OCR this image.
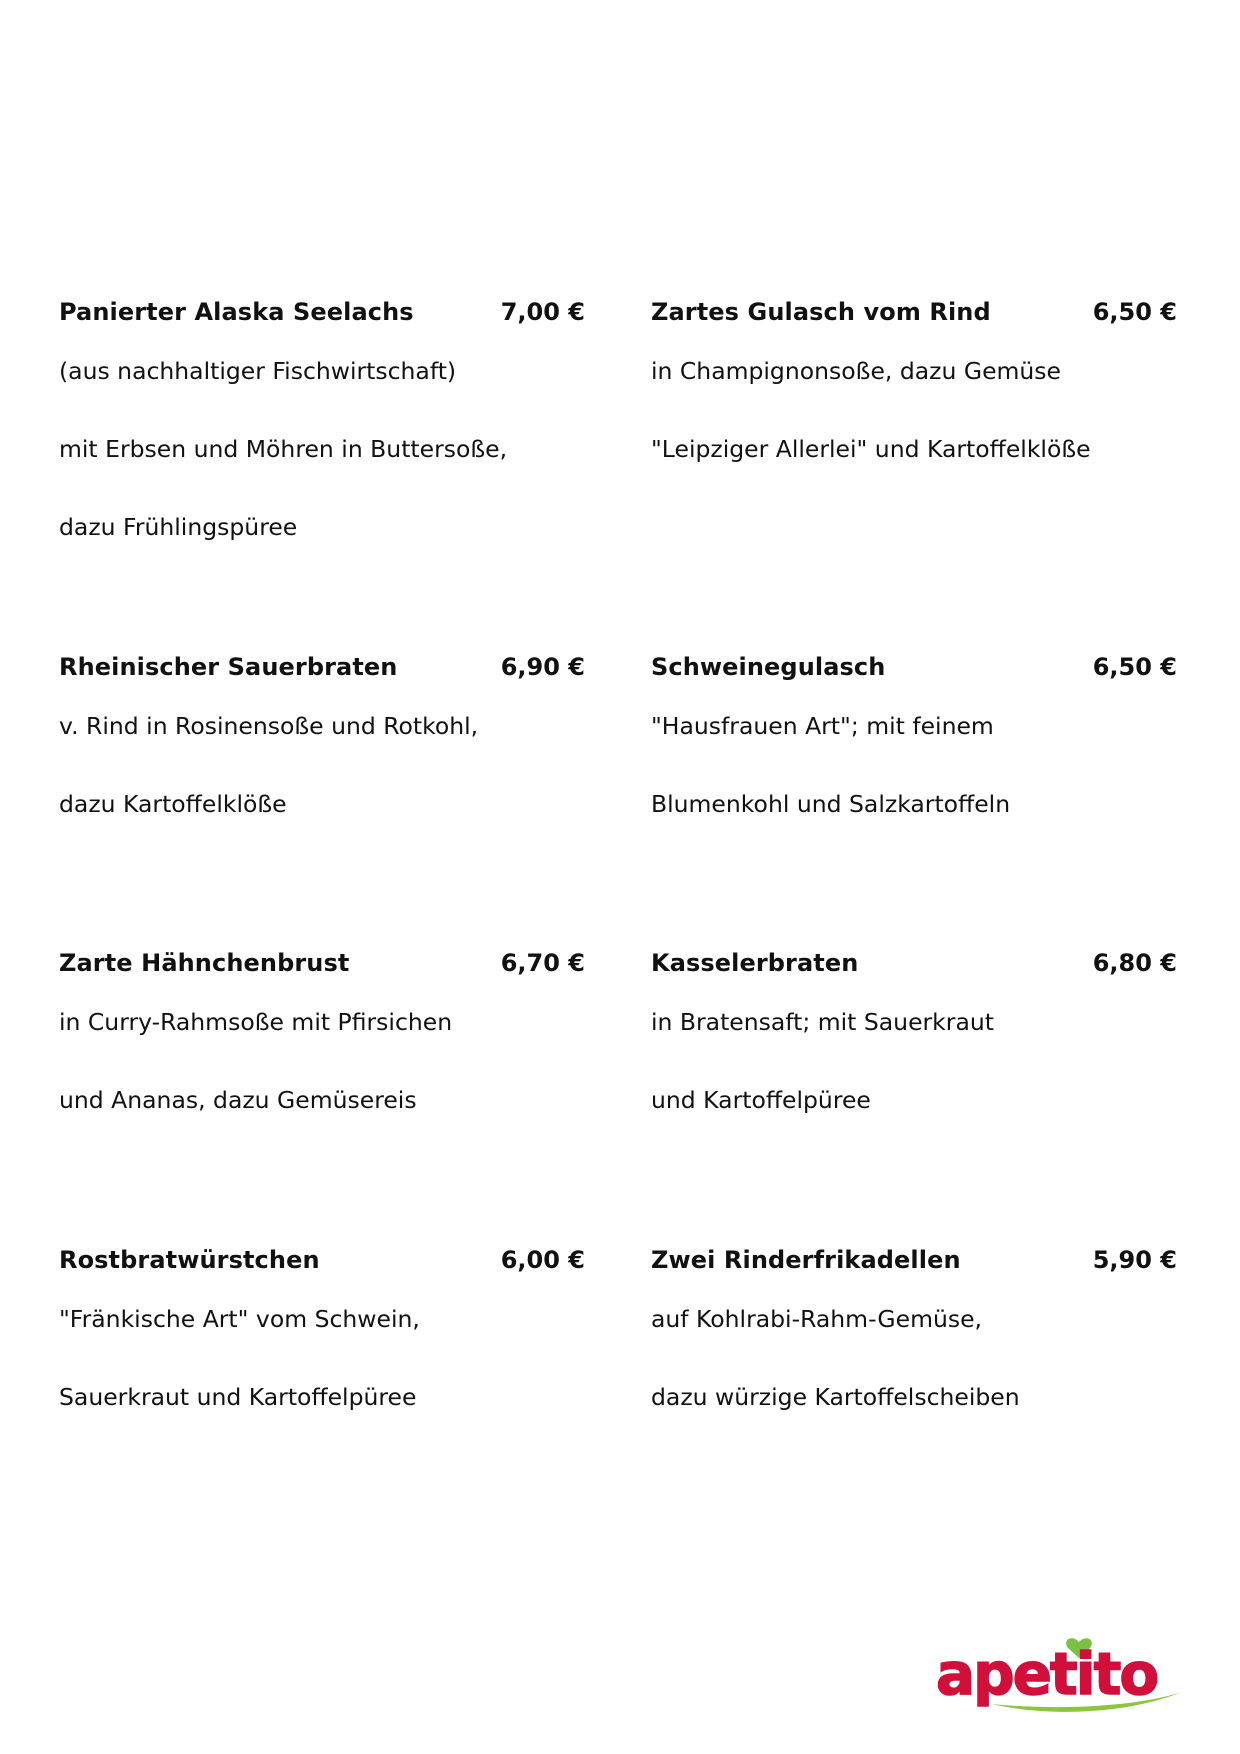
Panierter Alaska Seelachs	7,00 €
(aus nachhaltiger Fischwirtschaft)
mit Erbsen und Möhren in Buttersoße,
dazu Frühlingspüree
Zartes Gulasch vom Rind	6,50 €
in Champignonsoße, dazu Gemüse
"Leipziger Allerlei" und Kartoffelklöße
Rheinischer Sauerbraten	6,90 €
v. Rind in Rosinensoße und Rotkohl,
dazu Kartoffelklöße
Schweinegulasch	6,50 €
"Hausfrauen Art"; mit feinem
Blumenkohl und Salzkartoffeln
Zarte Hähnchenbrust	6,70 €
in Curry-Rahmsoße mit Pfirsichen
und Ananas, dazu Gemüsereis
Kasselerbraten	6,80 €
in Bratensaft; mit Sauerkraut
und Kartoffelpüree
Rostbratwürstchen	6,00 €
"Fränkische Art" vom Schwein,
Sauerkraut und Kartoffelpüree
Zwei Rinderfrikadellen	5,90 €
auf Kohlrabi-Rahm-Gemüse,
dazu würzige Kartoffelscheiben
apetito
